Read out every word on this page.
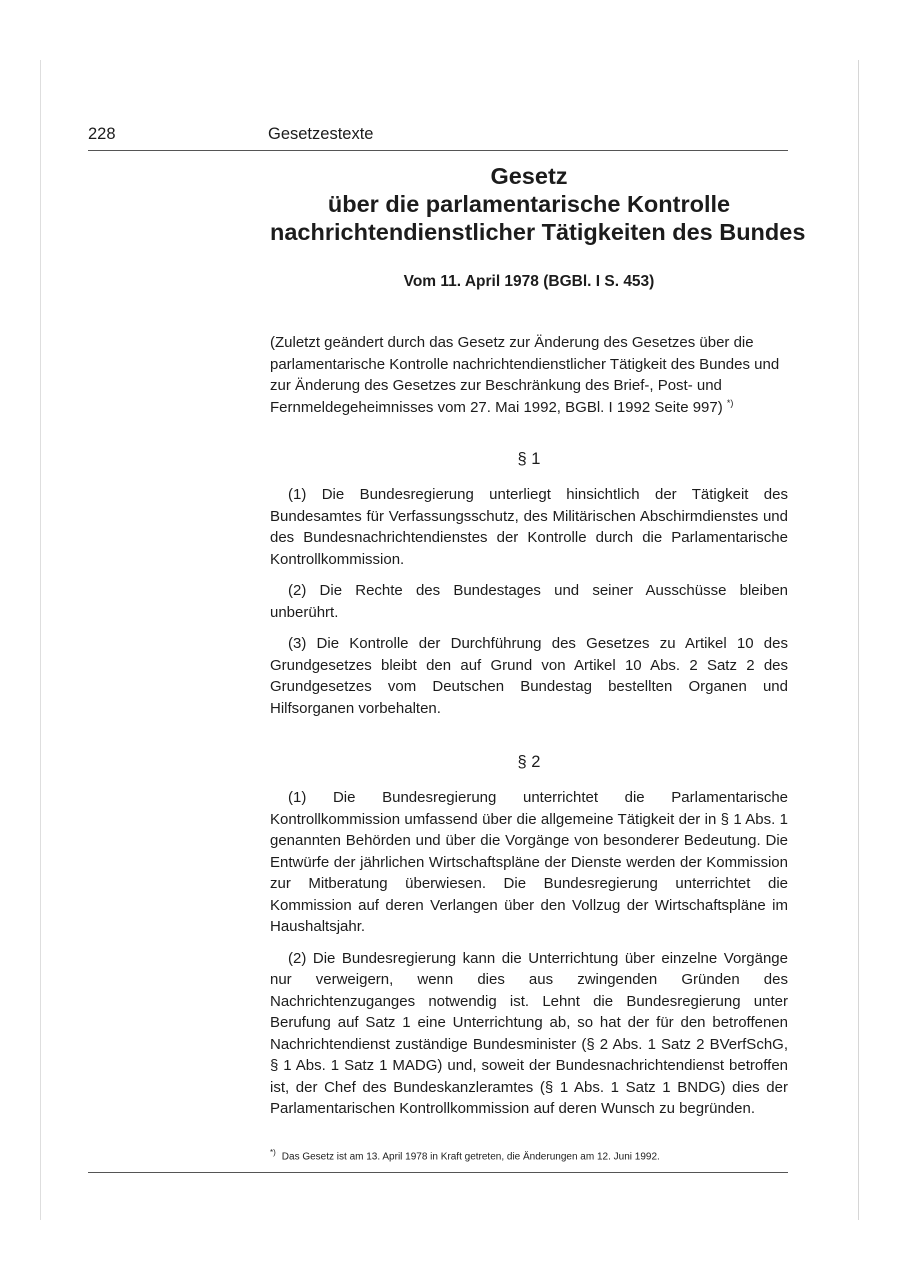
228	Gesetzestexte
Gesetz
über die parlamentarische Kontrolle
nachrichtendienstlicher Tätigkeiten des Bundes
Vom 11. April 1978 (BGBl. I S. 453)
(Zuletzt geändert durch das Gesetz zur Änderung des Gesetzes über die parlamentarische Kontrolle nachrichtendienstlicher Tätigkeit des Bundes und zur Änderung des Gesetzes zur Beschränkung des Brief-, Post- und Fernmeldegeheimnisses vom 27. Mai 1992, BGBl. I 1992 Seite 997) *)
§ 1

(1) Die Bundesregierung unterliegt hinsichtlich der Tätigkeit des Bundesamtes für Verfassungsschutz, des Militärischen Abschirmdienstes und des Bundesnachrichtendienstes der Kontrolle durch die Parlamentarische Kontrollkommission.

(2) Die Rechte des Bundestages und seiner Ausschüsse bleiben unberührt.

(3) Die Kontrolle der Durchführung des Gesetzes zu Artikel 10 des Grundgesetzes bleibt den auf Grund von Artikel 10 Abs. 2 Satz 2 des Grundgesetzes vom Deutschen Bundestag bestellten Organen und Hilfsorganen vorbehalten.

§ 2

(1) Die Bundesregierung unterrichtet die Parlamentarische Kontrollkommission umfassend über die allgemeine Tätigkeit der in § 1 Abs. 1 genannten Behörden und über die Vorgänge von besonderer Bedeutung. Die Entwürfe der jährlichen Wirtschaftspläne der Dienste werden der Kommission zur Mitberatung überwiesen. Die Bundesregierung unterrichtet die Kommission auf deren Verlangen über den Vollzug der Wirtschaftspläne im Haushaltsjahr.

(2) Die Bundesregierung kann die Unterrichtung über einzelne Vorgänge nur verweigern, wenn dies aus zwingenden Gründen des Nachrichtenzuganges notwendig ist. Lehnt die Bundesregierung unter Berufung auf Satz 1 eine Unterrichtung ab, so hat der für den betroffenen Nachrichtendienst zuständige Bundesminister (§ 2 Abs. 1 Satz 2 BVerfSchG, § 1 Abs. 1 Satz 1 MADG) und, soweit der Bundesnachrichtendienst betroffen ist, der Chef des Bundeskanzleramtes (§ 1 Abs. 1 Satz 1 BNDG) dies der Parlamentarischen Kontrollkommission auf deren Wunsch zu begründen.

*) Das Gesetz ist am 13. April 1978 in Kraft getreten, die Änderungen am 12. Juni 1992.
